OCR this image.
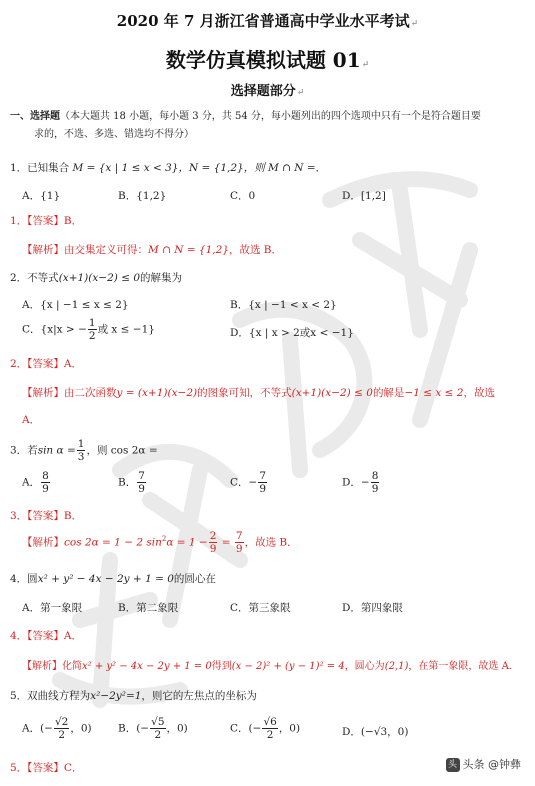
2020 年 7 月浙江省普通高中学业水平考试↵
数学仿真模拟试题 01↵
选择题部分↵
一、选择题（本大题共 18 小题，每小题 3 分，共 54 分，每小题列出的四个选项中只有一个是符合题目要
求的，不选、多选、错选均不得分）
1．已知集合 M = {x | 1 ≤ x < 3}，N = {1,2}，则 M ∩ N =．
A．{1}	B．{1,2}	C．0	D．[1,2]
1．【答案】B．
【解析】由交集定义可得：M ∩ N = {1,2}，故选 B．
2．不等式(x+1)(x−2) ≤ 0的解集为
A．{x | −1 ≤ x ≤ 2}	B．{x | −1 < x < 2}
C．{x|x > − $\frac{1}{2}$ 或 x ≤ −1}	D．{x | x > 2或x < −1}
2．【答案】A．
【解析】由二次函数y = (x+1)(x−2)的图象可知，不等式(x+1)(x−2) ≤ 0的解是−1 ≤ x ≤ 2，故选
A．
3．若$\sin \alpha = \frac{1}{3}$ ，则 cos 2α =
A． $\frac{8}{9}$	B． $\frac{7}{9}$	C．− $\frac{7}{9}$	D．− $\frac{8}{9}$
3．【答案】B．
【解析】cos 2α = 1 − 2 $\sin^2\alpha = 1 - \frac{2}{9} = \frac{7}{9}$ ，故选 B．
4．圆x² + y² − 4x − 2y + 1 = 0的圆心在
A．第一象限	B．第二象限	C．第三象限	D．第四象限
4．【答案】A．
【解析】化简x² + y² − 4x − 2y + 1 = 0得到(x − 2)² + (y − 1)² = 4，圆心为(2,1)，在第一象限，故选 A．
5．双曲线方程为x²−2y²=1，则它的左焦点的坐标为
A．(− $\frac{√2}{2}$ ，0)	B．(− $\frac{√5}{2}$ ，0)	C．(− $\frac{√6}{2}$ ，0)	D．(−√3，0)
5．【答案】C．	头 头条 @钟彝
